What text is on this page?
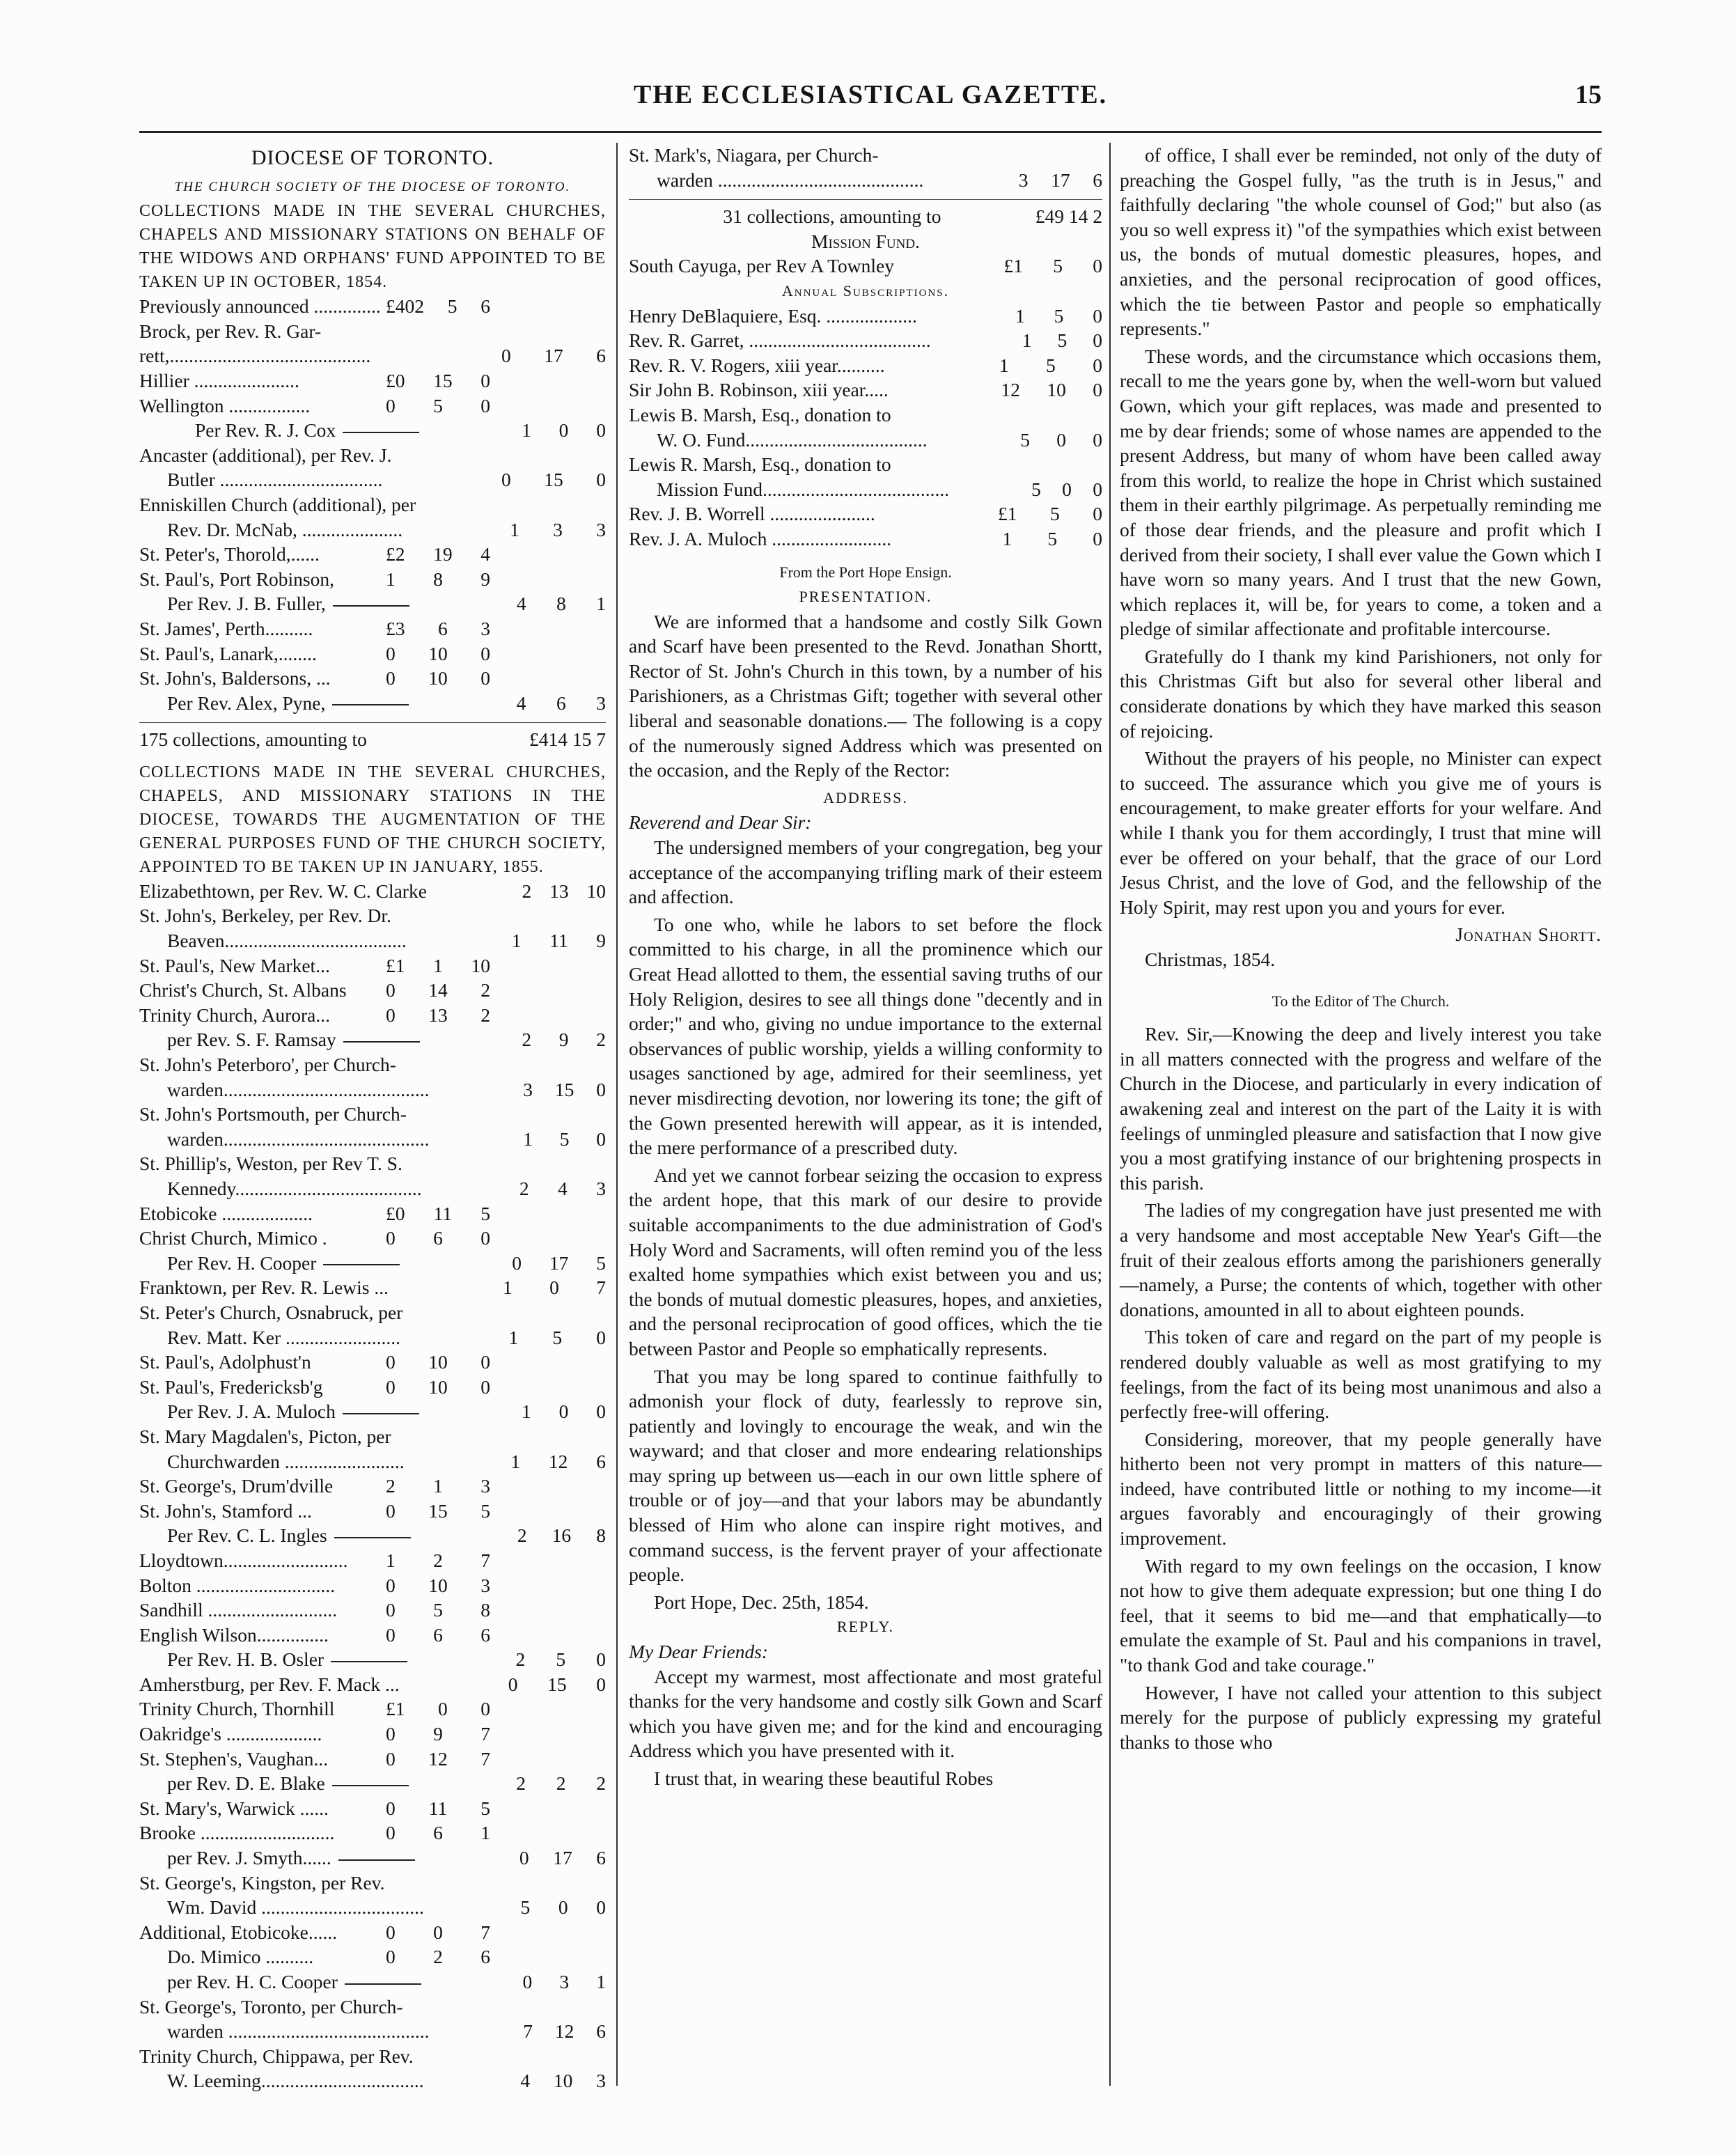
THE ECCLESIASTICAL GAZETTE.	15
DIOCESE OF TORONTO.
THE CHURCH SOCIETY OF THE DIOCESE OF TORONTO.
COLLECTIONS MADE IN THE SEVERAL CHURCHES, CHAPELS AND MISSIONARY STATIONS ON BEHALF OF THE WIDOWS AND ORPHANS' FUND APPOINTED TO BE TAKEN UP IN OCTOBER, 1854.
Previously announced .............. £402 5 6
Brock, per Rev. R. Gar-
rett,..........................................	0 17 6
Hillier ......................	£0 15 0
Wellington .................	0 5 0
Per Rev. R. J. Cox	1 0 0
Ancaster (additional), per Rev. J.
Butler ..................................	0 15 0
Enniskillen Church (additional), per
Rev. Dr. McNab, .....................	1 3 3
St. Peter's, Thorold,......	£2 19 4
St. Paul's, Port Robinson,	1 8 9
Per Rev. J. B. Fuller,	4 8 1
St. James', Perth..........	£3 6 3
St. Paul's, Lanark,........	0 10 0
St. John's, Baldersons, ...	0 10 0
Per Rev. Alex, Pyne,	4 6 3
175 collections, amounting to	£414 15 7
COLLECTIONS MADE IN THE SEVERAL CHURCHES, CHAPELS, AND MISSIONARY STATIONS IN THE DIOCESE, TOWARDS THE AUGMENTATION OF THE GENERAL PURPOSES FUND OF THE CHURCH SOCIETY, APPOINTED TO BE TAKEN UP IN JANUARY, 1855.
Elizabethtown, per Rev. W. C. Clarke	2 13 10
St. John's, Berkeley, per Rev. Dr.
Beaven......................................	1 11 9
St. Paul's, New Market...	£1 1 10
Christ's Church, St. Albans	0 14 2
Trinity Church, Aurora...	0 13 2
per Rev. S. F. Ramsay	2 9 2
St. John's Peterboro', per Church-
warden...........................................	3 15 0
St. John's Portsmouth, per Church-
warden...........................................	1 5 0
St. Phillip's, Weston, per Rev T. S.
Kennedy.......................................	2 4 3
Etobicoke ...................	£0 11 5
Christ Church, Mimico .	0 6 0
Per Rev. H. Cooper	0 17 5
Franktown, per Rev. R. Lewis ...	1 0 7
St. Peter's Church, Osnabruck, per
Rev. Matt. Ker ........................	1 5 0
St. Paul's, Adolphust'n	0 10 0
St. Paul's, Fredericksb'g	0 10 0
Per Rev. J. A. Muloch	1 0 0
St. Mary Magdalen's, Picton, per
Churchwarden .........................	1 12 6
St. George's, Drum'dville	2 1 3
St. John's, Stamford ...	0 15 5
Per Rev. C. L. Ingles	2 16 8
Lloydtown..........................	1 2 7
Bolton .............................	0 10 3
Sandhill ...........................	0 5 8
English Wilson...............	0 6 6
Per Rev. H. B. Osler	2 5 0
Amherstburg, per Rev. F. Mack ...	0 15 0
Trinity Church, Thornhill	£1 0 0
Oakridge's ....................	0 9 7
St. Stephen's, Vaughan...	0 12 7
per Rev. D. E. Blake	2 2 2
St. Mary's, Warwick ......	0 11 5
Brooke ............................	0 6 1
per Rev. J. Smyth......	0 17 6
St. George's, Kingston, per Rev.
Wm. David ..................................	5 0 0
Additional, Etobicoke......	0 0 7
Do. Mimico ..........	0 2 6
per Rev. H. C. Cooper	0 3 1
St. George's, Toronto, per Church-
warden ..........................................	7 12 6
Trinity Church, Chippawa, per Rev.
W. Leeming..................................	4 10 3
St. Mark's, Niagara, per Church-
warden ...........................................	3 17 6
31 collections, amounting to	£49 14 2
Mission Fund.
South Cayuga, per Rev A Townley	£1 5 0
Annual Subscriptions.
Henry DeBlaquiere, Esq. ...................	1 5 0
Rev. R. Garret, ......................................	1 5 0
Rev. R. V. Rogers, xiii year..........	1 5 0
Sir John B. Robinson, xiii year.....	12 10 0
Lewis B. Marsh, Esq., donation to
W. O. Fund......................................	5 0 0
Lewis R. Marsh, Esq., donation to
Mission Fund.......................................	5 0 0
Rev. J. B. Worrell ......................	£1 5 0
Rev. J. A. Muloch .........................	1 5 0
From the Port Hope Ensign.
PRESENTATION.

We are informed that a handsome and costly Silk Gown and Scarf have been presented to the Revd. Jonathan Shortt, Rector of St. John's Church in this town, by a number of his Parishioners, as a Christmas Gift; together with several other liberal and seasonable donations.— The following is a copy of the numerously signed Address which was presented on the occasion, and the Reply of the Rector:

ADDRESS.
Reverend and Dear Sir:

The undersigned members of your congregation, beg your acceptance of the accompanying trifling mark of their esteem and affection.

To one who, while he labors to set before the flock committed to his charge, in all the prominence which our Great Head allotted to them, the essential saving truths of our Holy Religion, desires to see all things done "decently and in order;" and who, giving no undue importance to the external observances of public worship, yields a willing conformity to usages sanctioned by age, admired for their seemliness, yet never misdirecting devotion, nor lowering its tone; the gift of the Gown presented herewith will appear, as it is intended, the mere performance of a prescribed duty.

And yet we cannot forbear seizing the occasion to express the ardent hope, that this mark of our desire to provide suitable accompaniments to the due administration of God's Holy Word and Sacraments, will often remind you of the less exalted home sympathies which exist between you and us; the bonds of mutual domestic pleasures, hopes, and anxieties, and the personal reciprocation of good offices, which the tie between Pastor and People so emphatically represents.

That you may be long spared to continue faithfully to admonish your flock of duty, fearlessly to reprove sin, patiently and lovingly to encourage the weak, and win the wayward; and that closer and more endearing relationships may spring up between us—each in our own little sphere of trouble or of joy—and that your labors may be abundantly blessed of Him who alone can inspire right motives, and command success, is the fervent prayer of your affectionate people.

Port Hope, Dec. 25th, 1854.
REPLY.
My Dear Friends:

Accept my warmest, most affectionate and most grateful thanks for the very handsome and costly silk Gown and Scarf which you have given me; and for the kind and encouraging Address which you have presented with it.

I trust that, in wearing these beautiful Robes

of office, I shall ever be reminded, not only of the duty of preaching the Gospel fully, "as the truth is in Jesus," and faithfully declaring "the whole counsel of God;" but also (as you so well express it) "of the sympathies which exist between us, the bonds of mutual domestic pleasures, hopes, and anxieties, and the personal reciprocation of good offices, which the tie between Pastor and people so emphatically represents."

These words, and the circumstance which occasions them, recall to me the years gone by, when the well-worn but valued Gown, which your gift replaces, was made and presented to me by dear friends; some of whose names are appended to the present Address, but many of whom have been called away from this world, to realize the hope in Christ which sustained them in their earthly pilgrimage. As perpetually reminding me of those dear friends, and the pleasure and profit which I derived from their society, I shall ever value the Gown which I have worn so many years. And I trust that the new Gown, which replaces it, will be, for years to come, a token and a pledge of similar affectionate and profitable intercourse.

Gratefully do I thank my kind Parishioners, not only for this Christmas Gift but also for several other liberal and considerate donations by which they have marked this season of rejoicing.

Without the prayers of his people, no Minister can expect to succeed. The assurance which you give me of yours is encouragement, to make greater efforts for your welfare. And while I thank you for them accordingly, I trust that mine will ever be offered on your behalf, that the grace of our Lord Jesus Christ, and the love of God, and the fellowship of the Holy Spirit, may rest upon you and yours for ever.

Jonathan Shortt.
Christmas, 1854.
To the Editor of The Church.

Rev. Sir,—Knowing the deep and lively interest you take in all matters connected with the progress and welfare of the Church in the Diocese, and particularly in every indication of awakening zeal and interest on the part of the Laity it is with feelings of unmingled pleasure and satisfaction that I now give you a most gratifying instance of our brightening prospects in this parish.

The ladies of my congregation have just presented me with a very handsome and most acceptable New Year's Gift—the fruit of their zealous efforts among the parishioners generally —namely, a Purse; the contents of which, together with other donations, amounted in all to about eighteen pounds.

This token of care and regard on the part of my people is rendered doubly valuable as well as most gratifying to my feelings, from the fact of its being most unanimous and also a perfectly free-will offering.

Considering, moreover, that my people generally have hitherto been not very prompt in matters of this nature—indeed, have contributed little or nothing to my income—it argues favorably and encouragingly of their growing improvement.

With regard to my own feelings on the occasion, I know not how to give them adequate expression; but one thing I do feel, that it seems to bid me—and that emphatically—to emulate the example of St. Paul and his companions in travel, "to thank God and take courage."

However, I have not called your attention to this subject merely for the purpose of publicly expressing my grateful thanks to those who
